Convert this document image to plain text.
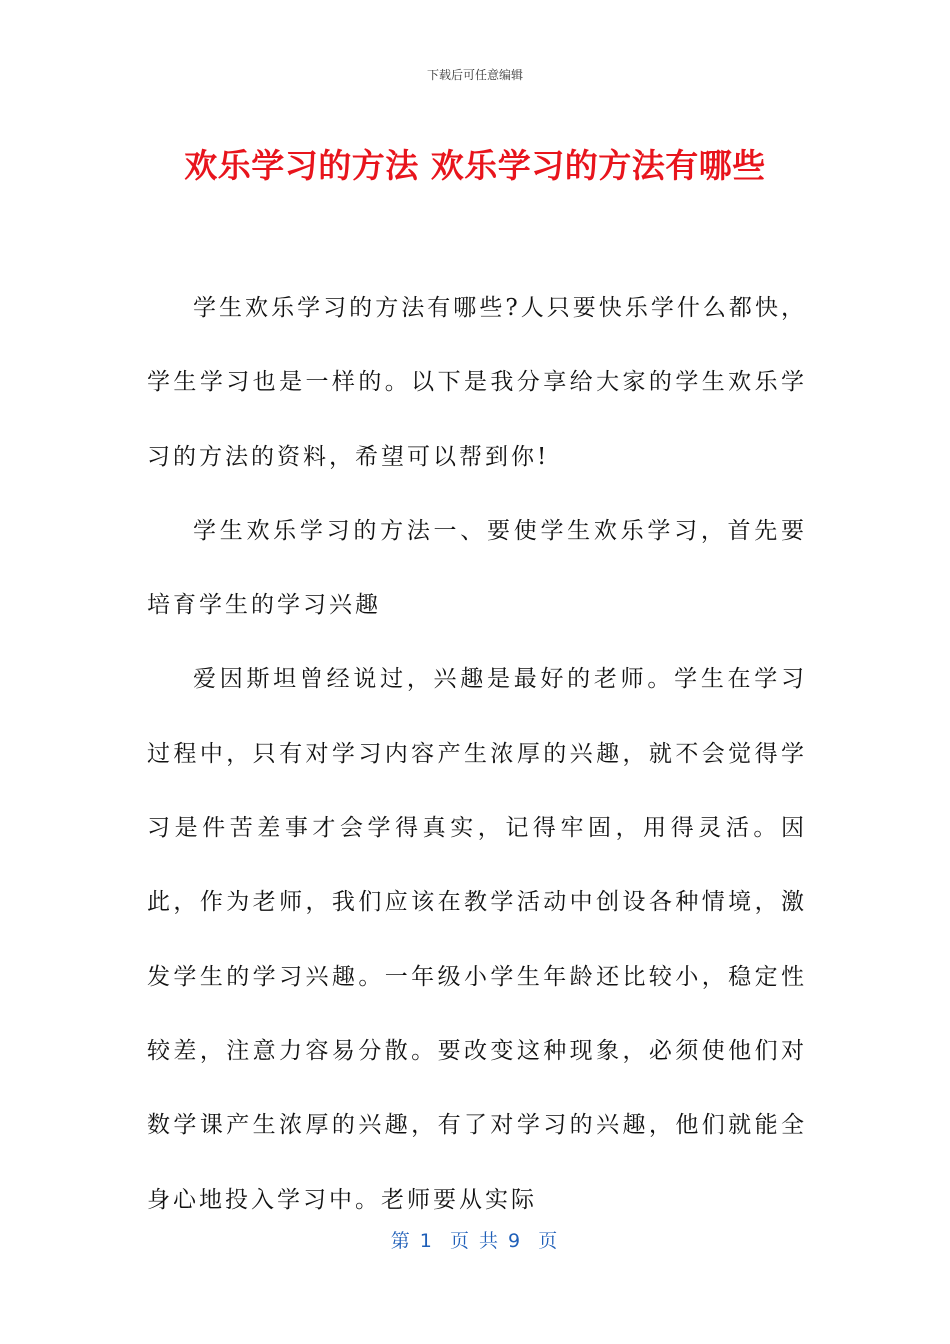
下载后可任意编辑
欢乐学习的方法 欢乐学习的方法有哪些

学生欢乐学习的方法有哪些?人只要快乐学什么都快，学生学习也是一样的。以下是我分享给大家的学生欢乐学习的方法的资料，希望可以帮到你!

学生欢乐学习的方法一、要使学生欢乐学习，首先要培育学生的学习兴趣

爱因斯坦曾经说过，兴趣是最好的老师。学生在学习过程中，只有对学习内容产生浓厚的兴趣，就不会觉得学习是件苦差事才会学得真实，记得牢固，用得灵活。因此，作为老师，我们应该在教学活动中创设各种情境，激发学生的学习兴趣。一年级小学生年龄还比较小，稳定性较差，注意力容易分散。要改变这种现象，必须使他们对数学课产生浓厚的兴趣，有了对学习的兴趣，他们就能全身心地投入学习中。老师要从实际

第 1  页 共 9  页
